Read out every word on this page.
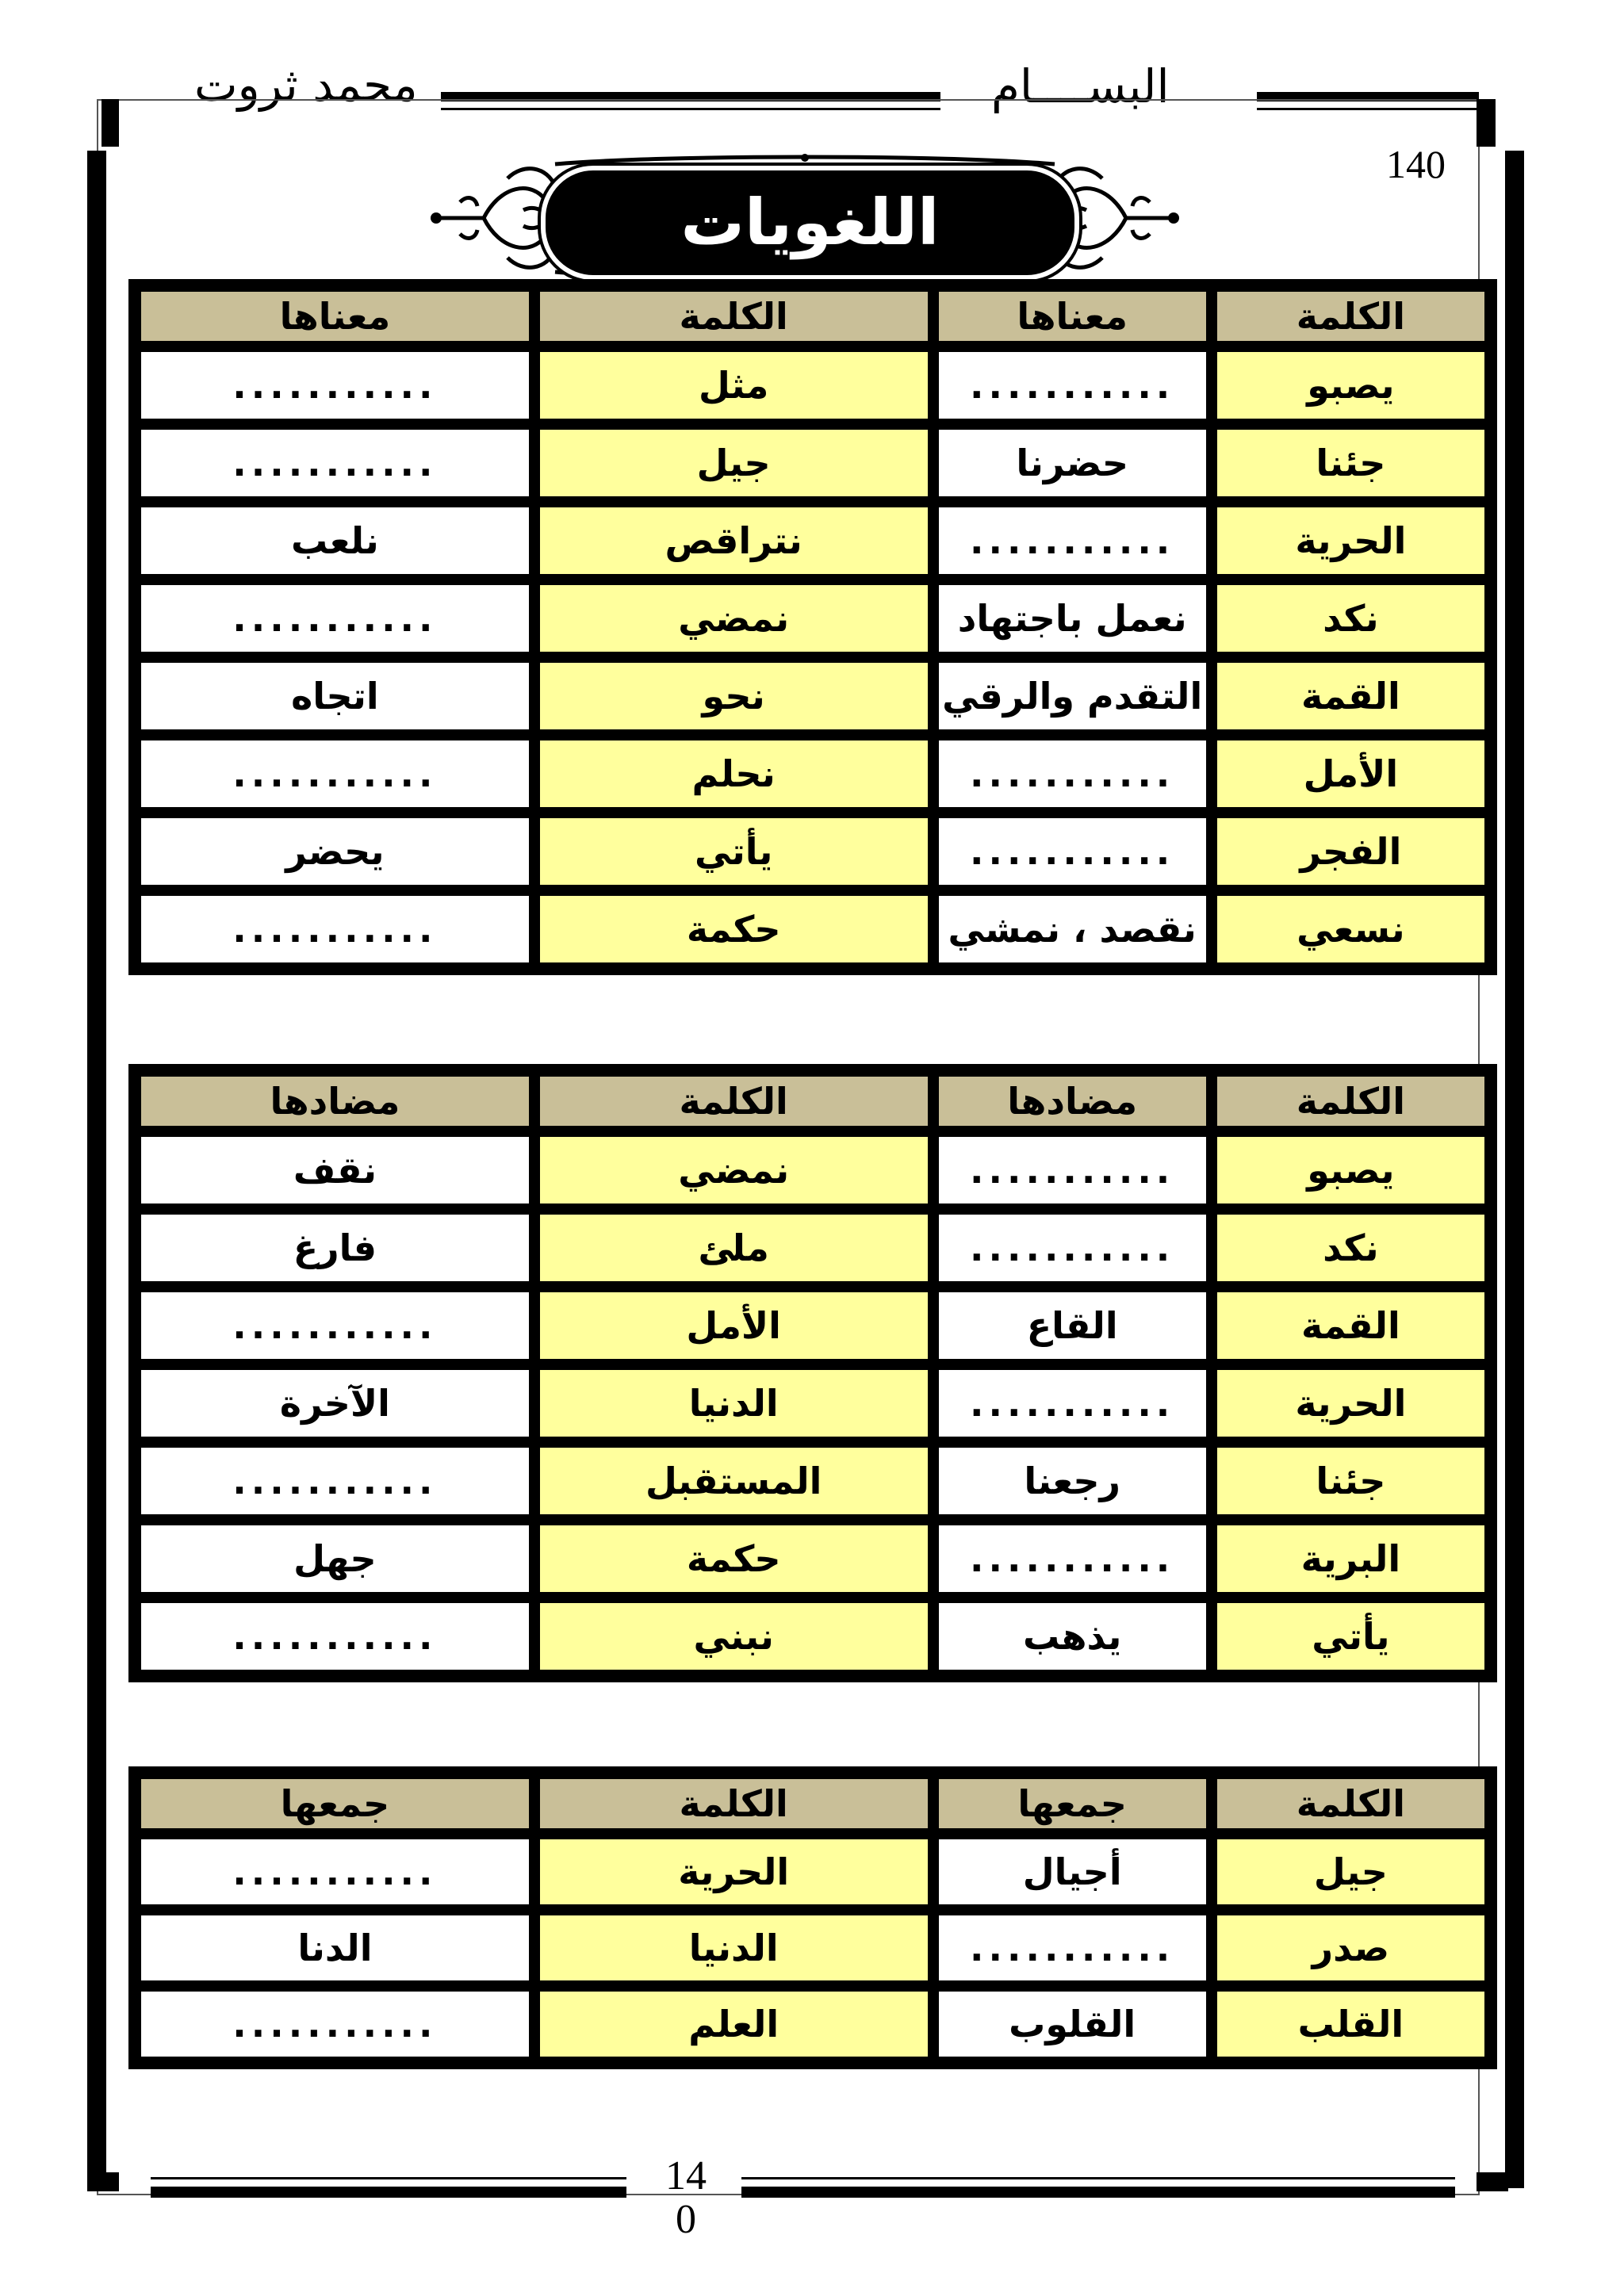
محمد ثروت	البســــام
140
اللغويات
الكلمة	معناها	الكلمة	معناها
يصبو	...........	مثل	...........
جئنا	حضرنا	جيل	...........
الحرية	...........	نتراقص	نلعب
نكد	نعمل باجتهاد	نمضي	...........
القمة	التقدم والرقي	نحو	اتجاه
الأمل	...........	نحلم	...........
الفجر	...........	يأتي	يحضر
نسعي	نقصد ، نمشي	حكمة	...........
الكلمة	مضادها	الكلمة	مضادها
يصبو	...........	نمضي	نقف
نكد	...........	ملئ	فارغ
القمة	القاع	الأمل	...........
الحرية	...........	الدنيا	الآخرة
جئنا	رجعنا	المستقبل	...........
البرية	...........	حكمة	جهل
يأتي	يذهب	نبني	...........
الكلمة	جمعها	الكلمة	جمعها
جيل	أجيال	الحرية	...........
صدر	...........	الدنيا	الدنا
القلب	القلوب	العلم	...........
14
0
